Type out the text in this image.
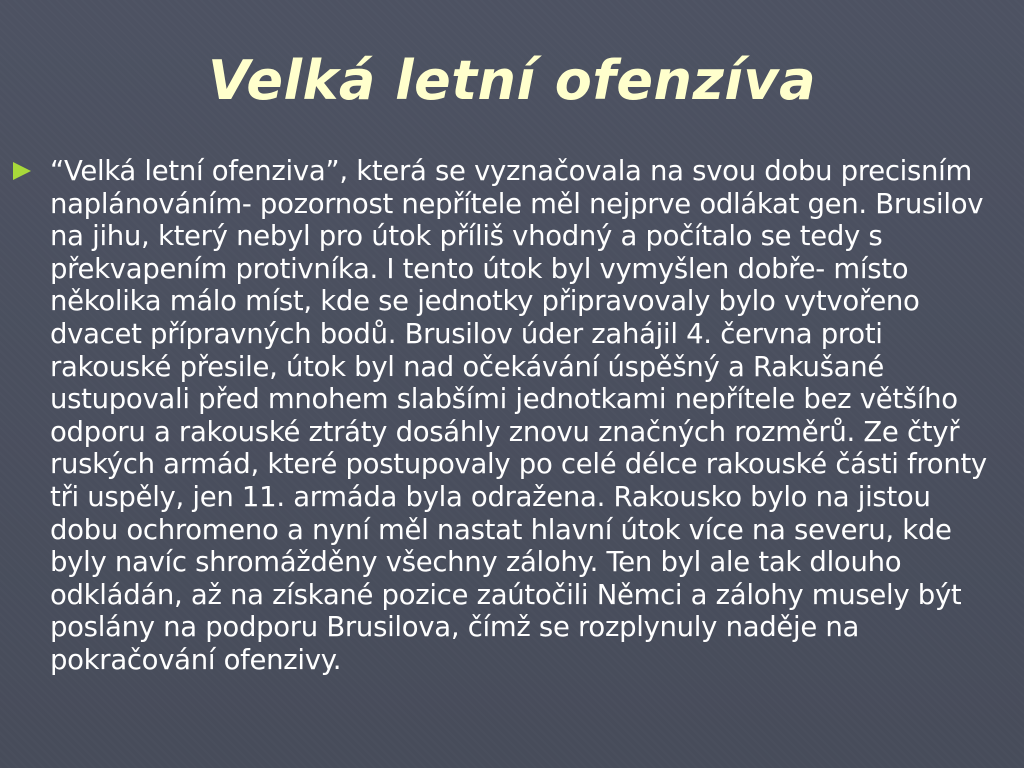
Velká letní ofenzíva
“Velká letní ofenziva”, která se vyznačovala na svou dobu precisním naplánováním- pozornost nepřítele měl nejprve odlákat gen. Brusilov na jihu, který nebyl pro útok příliš vhodný a počítalo se tedy s překvapením protivníka. I tento útok byl vymyšlen dobře- místo několika málo míst, kde se jednotky připravovaly bylo vytvořeno dvacet přípravných bodů. Brusilov úder zahájil 4. června proti rakouské přesile, útok byl nad očekávání úspěšný a Rakušané ustupovali před mnohem slabšími jednotkami nepřítele bez většího odporu a rakouské ztráty dosáhly znovu značných rozměrů. Ze čtyř ruských armád, které postupovaly po celé délce rakouské části fronty tři uspěly, jen 11. armáda byla odražena. Rakousko bylo na jistou dobu ochromeno a nyní měl nastat hlavní útok více na severu, kde byly navíc shromážděny všechny zálohy. Ten byl ale tak dlouho odkládán, až na získané pozice zaútočili Němci a zálohy musely být poslány na podporu Brusilova, čímž se rozplynuly naděje na pokračování ofenzivy.
